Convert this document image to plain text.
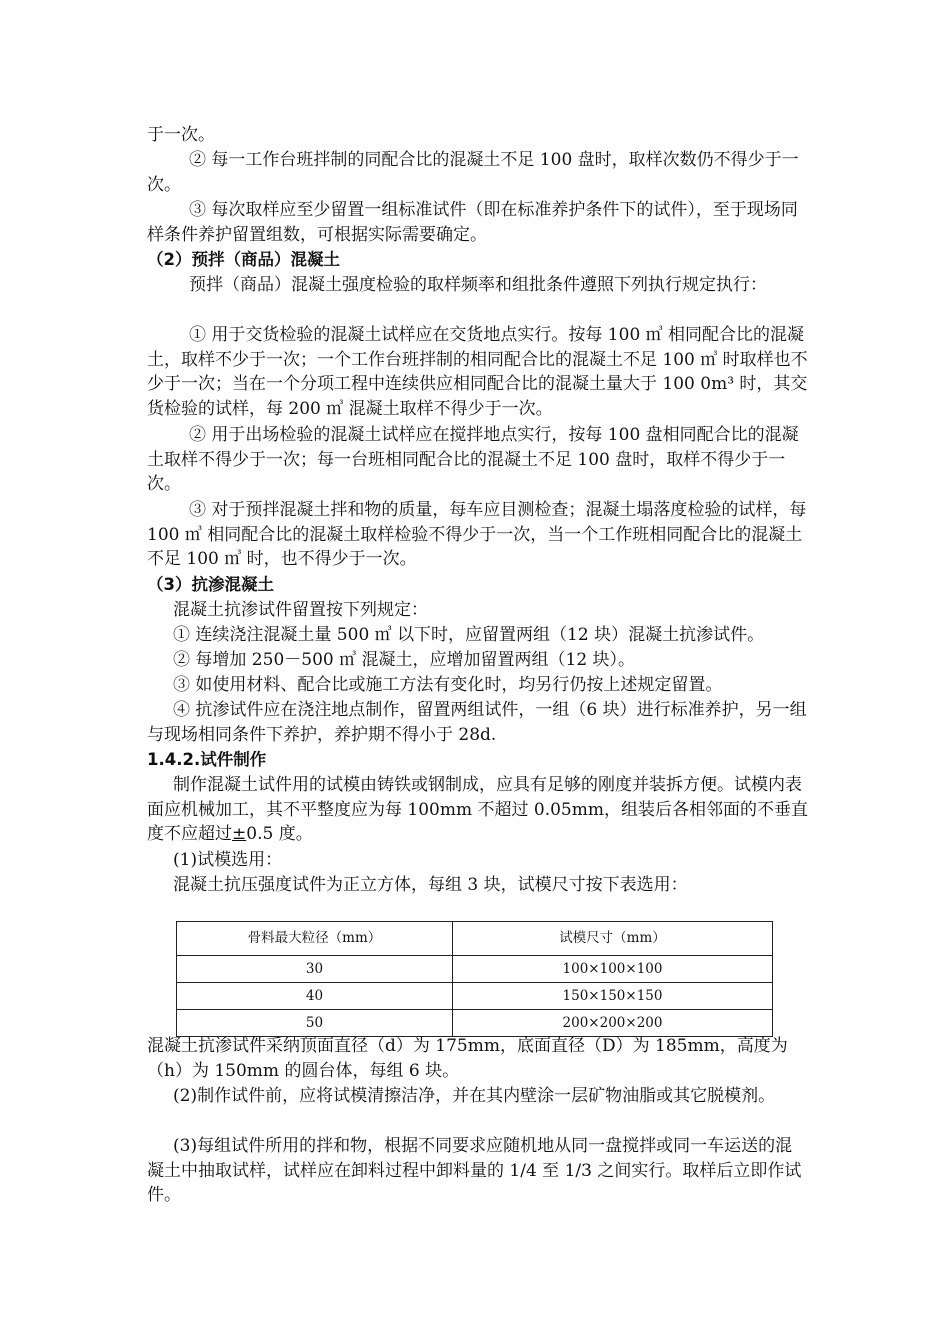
于一次。

② 每一工作台班拌制的同配合比的混凝土不足 100 盘时，取样次数仍不得少于一次。

③ 每次取样应至少留置一组标准试件（即在标准养护条件下的试件），至于现场同样条件养护留置组数，可根据实际需要确定。

（2）预拌（商品）混凝土

预拌（商品）混凝土强度检验的取样频率和组批条件遵照下列执行规定执行：

① 用于交货检验的混凝土试样应在交货地点实行。按每 100 ㎥ 相同配合比的混凝土，取样不少于一次；一个工作台班拌制的相同配合比的混凝土不足 100 ㎥ 时取样也不少于一次；当在一个分项工程中连续供应相同配合比的混凝土量大于 100 0m³ 时，其交货检验的试样，每 200 ㎥ 混凝土取样不得少于一次。

② 用于出场检验的混凝土试样应在搅拌地点实行，按每 100 盘相同配合比的混凝土取样不得少于一次；每一台班相同配合比的混凝土不足 100 盘时，取样不得少于一次。

③ 对于预拌混凝土拌和物的质量，每车应目测检查；混凝土塌落度检验的试样，每 100 ㎥ 相同配合比的混凝土取样检验不得少于一次，当一个工作班相同配合比的混凝土不足 100 ㎥ 时，也不得少于一次。

（3）抗渗混凝土

混凝土抗渗试件留置按下列规定：

① 连续浇注混凝土量 500 ㎥ 以下时，应留置两组（12 块）混凝土抗渗试件。

② 每增加 250－500 ㎥ 混凝土，应增加留置两组（12 块）。

③ 如使用材料、配合比或施工方法有变化时，均另行仍按上述规定留置。

④ 抗渗试件应在浇注地点制作，留置两组试件，一组（6 块）进行标准养护，另一组与现场相同条件下养护，养护期不得小于 28d.

1.4.2.试件制作

制作混凝土试件用的试模由铸铁或钢制成，应具有足够的刚度并装拆方便。试模内表面应机械加工，其不平整度应为每 100mm 不超过 0.05mm，组装后各相邻面的不垂直度不应超过±0.5 度。

(1)试模选用：

混凝土抗压强度试件为正立方体，每组 3 块，试模尺寸按下表选用：

骨料最大粒径（mm）	试模尺寸（mm）
30	100×100×100
40	150×150×150
50	200×200×200

混凝土抗渗试件采纳顶面直径（d）为 175mm，底面直径（D）为 185mm，高度为（h）为 150mm 的圆台体，每组 6 块。

(2)制作试件前，应将试模清擦洁净，并在其内壁涂一层矿物油脂或其它脱模剂。

(3)每组试件所用的拌和物，根据不同要求应随机地从同一盘搅拌或同一车运送的混凝土中抽取试样，试样应在卸料过程中卸料量的 1/4 至 1/3 之间实行。取样后立即作试件。
